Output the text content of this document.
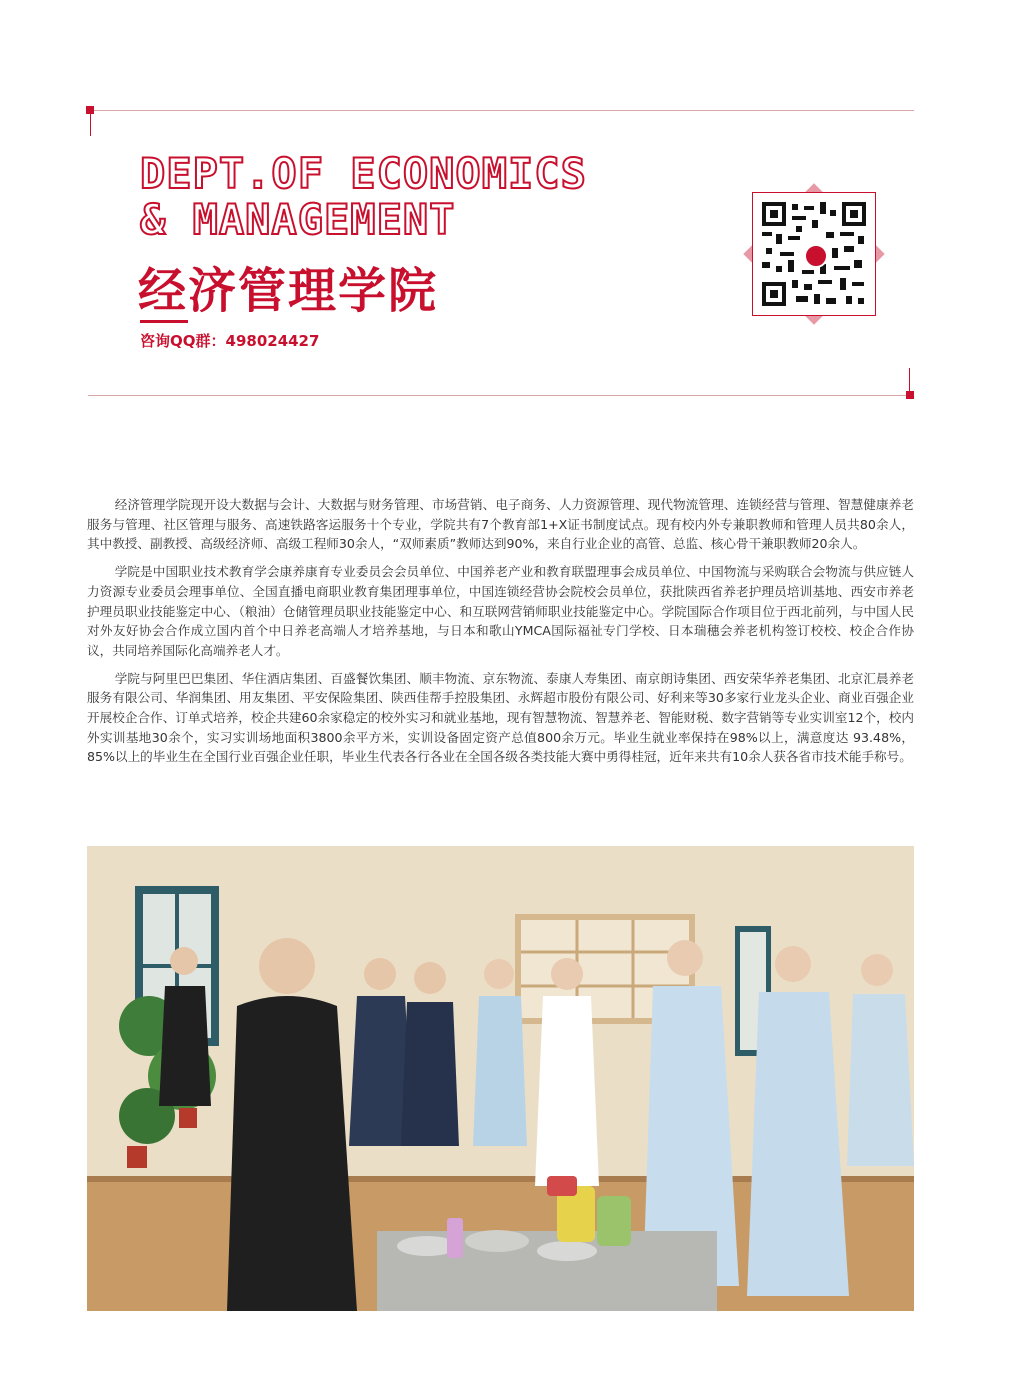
DEPT.OF ECONOMICS
& MANAGEMENT
经济管理学院
咨询QQ群：498024427

经济管理学院现开设大数据与会计、大数据与财务管理、市场营销、电子商务、人力资源管理、现代物流管理、连锁经营与管理、智慧健康养老服务与管理、社区管理与服务、高速铁路客运服务十个专业，学院共有7个教育部1+X证书制度试点。现有校内外专兼职教师和管理人员共80余人，其中教授、副教授、高级经济师、高级工程师30余人，“双师素质”教师达到90%，来自行业企业的高管、总监、核心骨干兼职教师20余人。

学院是中国职业技术教育学会康养康育专业委员会会员单位、中国养老产业和教育联盟理事会成员单位、中国物流与采购联合会物流与供应链人力资源专业委员会理事单位、全国直播电商职业教育集团理事单位，中国连锁经营协会院校会员单位，获批陕西省养老护理员培训基地、西安市养老护理员职业技能鉴定中心、（粮油）仓储管理员职业技能鉴定中心、和互联网营销师职业技能鉴定中心。学院国际合作项目位于西北前列，与中国人民对外友好协会合作成立国内首个中日养老高端人才培养基地，与日本和歌山YMCA国际福祉专门学校、日本瑞穗会养老机构签订校校、校企合作协议，共同培养国际化高端养老人才。

学院与阿里巴巴集团、华住酒店集团、百盛餐饮集团、顺丰物流、京东物流、泰康人寿集团、南京朗诗集团、西安荣华养老集团、北京汇晨养老服务有限公司、华润集团、用友集团、平安保险集团、陕西佳帮手控股集团、永辉超市股份有限公司、好利来等30多家行业龙头企业、商业百强企业开展校企合作、订单式培养，校企共建60余家稳定的校外实习和就业基地，现有智慧物流、智慧养老、智能财税、数字营销等专业实训室12个，校内外实训基地30余个，实习实训场地面积3800余平方米，实训设备固定资产总值800余万元。毕业生就业率保持在98%以上，满意度达 93.48%，85%以上的毕业生在全国行业百强企业任职，毕业生代表各行各业在全国各级各类技能大赛中勇得桂冠，近年来共有10余人获各省市技术能手称号。
